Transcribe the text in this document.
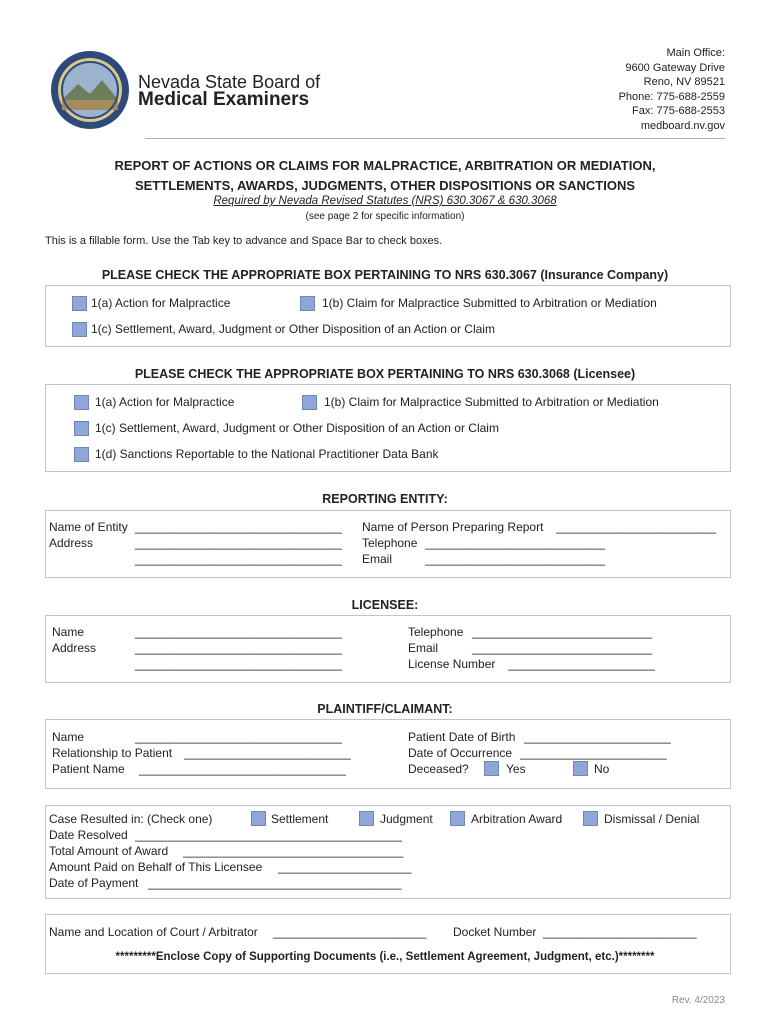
Nevada State Board of
Medical Examiners
Main Office:
9600 Gateway Drive
Reno, NV 89521
Phone: 775-688-2559
Fax: 775-688-2553
medboard.nv.gov
REPORT OF ACTIONS OR CLAIMS FOR MALPRACTICE, ARBITRATION OR MEDIATION,
SETTLEMENTS, AWARDS, JUDGMENTS, OTHER DISPOSITIONS OR SANCTIONS
Required by Nevada Revised Statutes (NRS) 630.3067 & 630.3068
(see page 2 for specific information)
This is a fillable form. Use the Tab key to advance and Space Bar to check boxes.
PLEASE CHECK THE APPROPRIATE BOX PERTAINING TO NRS 630.3067 (Insurance Company)
1(a) Action for Malpractice	1(b) Claim for Malpractice Submitted to Arbitration or Mediation
1(c) Settlement, Award, Judgment or Other Disposition of an Action or Claim
PLEASE CHECK THE APPROPRIATE BOX PERTAINING TO NRS 630.3068 (Licensee)
1(a) Action for Malpractice	1(b) Claim for Malpractice Submitted to Arbitration or Mediation
1(c) Settlement, Award, Judgment or Other Disposition of an Action or Claim
1(d) Sanctions Reportable to the National Practitioner Data Bank
REPORTING ENTITY:
Name of Entity _______________________________
Address	_______________________________
_______________________________
Name of Person Preparing Report ________________________
Telephone ___________________________
Email	___________________________
LICENSEE:
Name	_______________________________
Address	_______________________________
_______________________________
Telephone ___________________________
Email	___________________________
License Number ______________________
PLAINTIFF/CLAIMANT:
Name	_______________________________
Relationship to Patient _________________________
Patient Name _______________________________
Patient Date of Birth ______________________
Date of Occurrence ______________________
Deceased?	Yes	No
Case Resulted in: (Check one)	Settlement	Judgment	Arbitration Award	Dismissal / Denial
Date Resolved ________________________________________
Total Amount of Award _________________________________
Amount Paid on Behalf of This Licensee ____________________
Date of Payment ______________________________________
Name and Location of Court / Arbitrator _______________________ Docket Number _______________________
*********Enclose Copy of Supporting Documents (i.e., Settlement Agreement, Judgment, etc.)********
Rev. 4/2023
